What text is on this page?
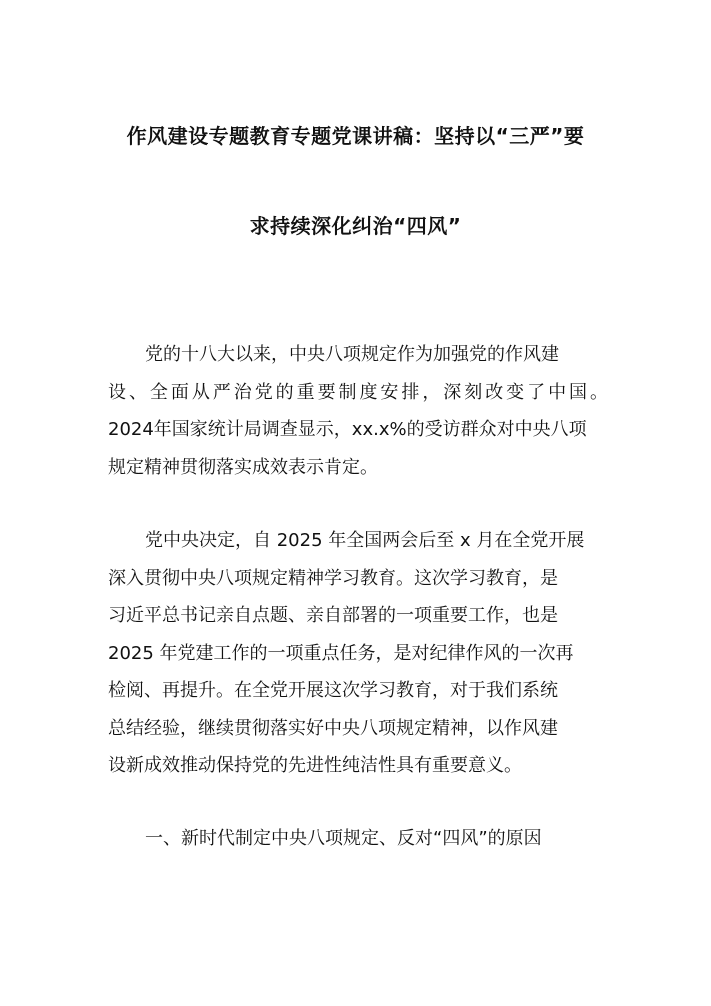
作风建设专题教育专题党课讲稿：坚持以“三严”要
求持续深化纠治“四风”
党的十八大以来，中央八项规定作为加强党的作风建
设、全面从严治党的重要制度安排，深刻改变了中国。
2024年国家统计局调查显示，xx.x%的受访群众对中央八项
规定精神贯彻落实成效表示肯定。
党中央决定，自 2025 年全国两会后至 x 月在全党开展
深入贯彻中央八项规定精神学习教育。这次学习教育，是
习近平总书记亲自点题、亲自部署的一项重要工作，也是
2025 年党建工作的一项重点任务，是对纪律作风的一次再
检阅、再提升。在全党开展这次学习教育，对于我们系统
总结经验，继续贯彻落实好中央八项规定精神，以作风建
设新成效推动保持党的先进性纯洁性具有重要意义。
一、新时代制定中央八项规定、反对“四风”的原因
